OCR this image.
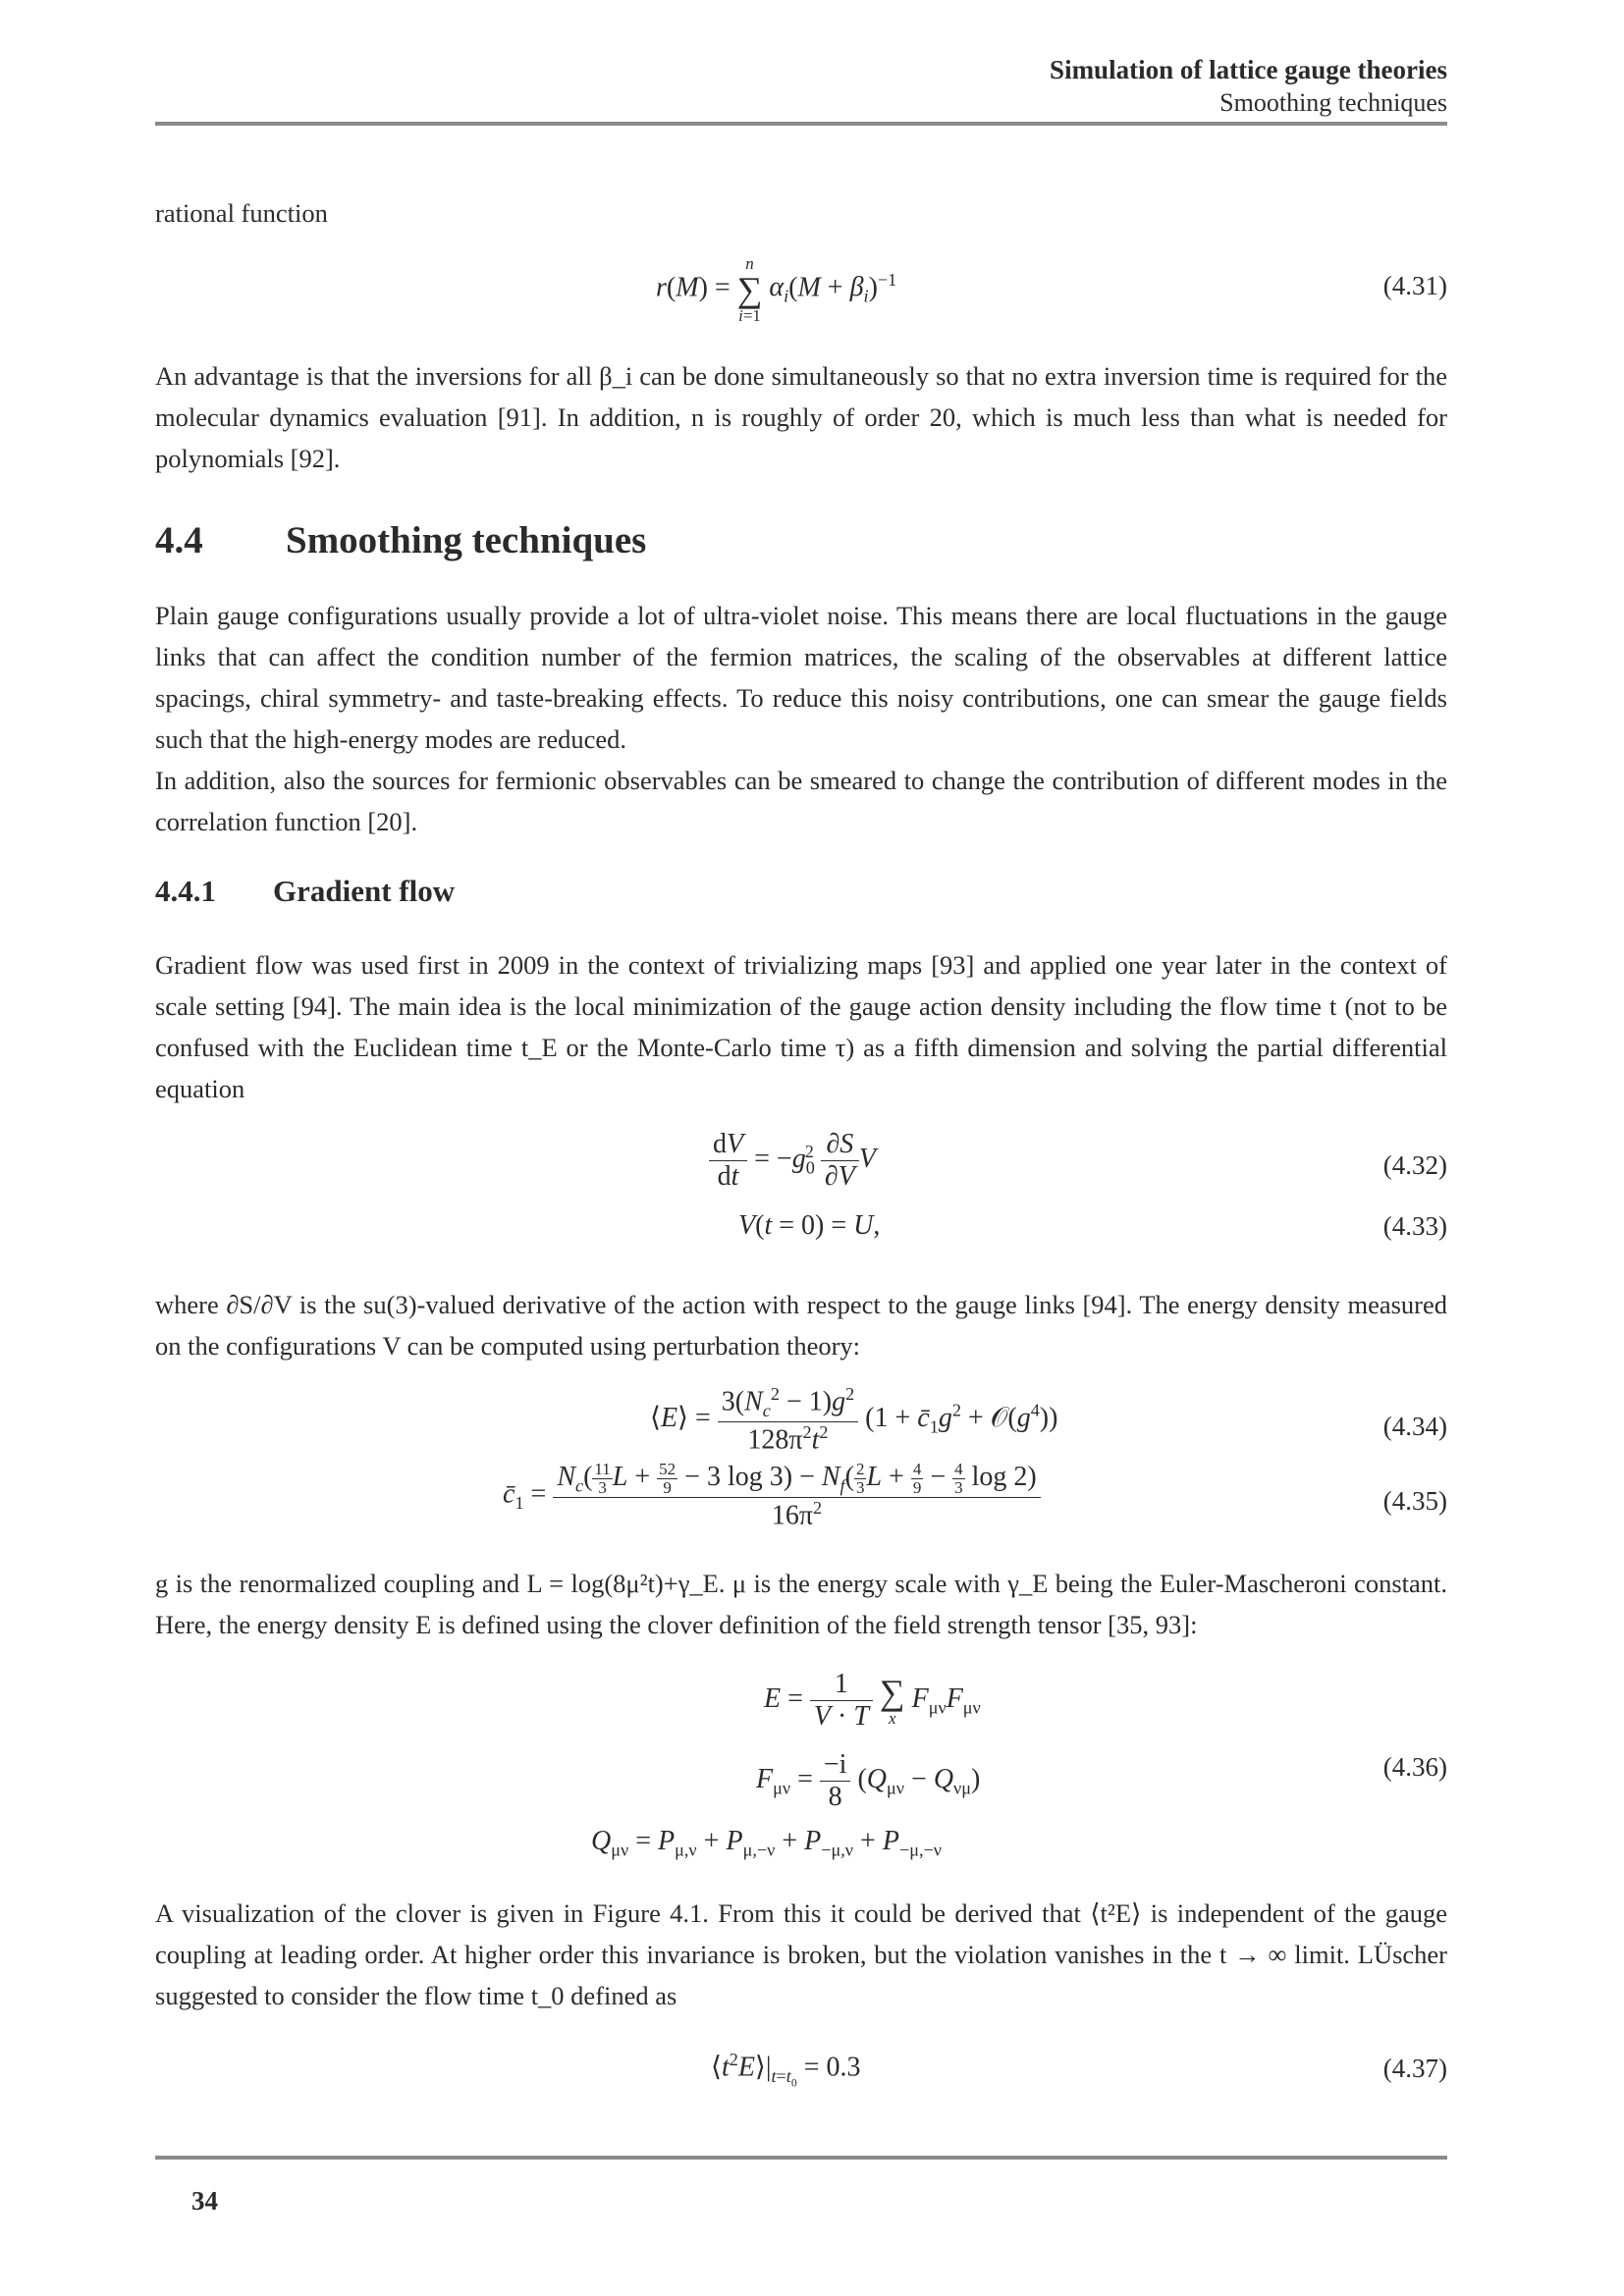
Simulation of lattice gauge theories
Smoothing techniques
rational function
r(M) =
n
∑
i=1
$\alpha_i(M + \beta_i)^{-1}$	(4.31)
An advantage is that the inversions for all β_i can be done simultaneously so that no extra inversion time is required for the molecular dynamics evaluation [91]. In addition, n is roughly of order 20, which is much less than what is needed for polynomials [92].
4.4 Smoothing techniques

Plain gauge configurations usually provide a lot of ultra-violet noise. This means there are local fluctuations in the gauge links that can affect the condition number of the fermion matrices, the scaling of the observables at different lattice spacings, chiral symmetry- and taste-breaking effects. To reduce this noisy contributions, one can smear the gauge fields such that the high-energy modes are reduced.

In addition, also the sources for fermionic observables can be smeared to change the contribution of different modes in the correlation function [20].

4.4.1 Gradient flow
Gradient flow was used first in 2009 in the context of trivializing maps [93] and applied one year later in the context of scale setting [94]. The main idea is the local minimization of the gauge action density including the flow time t (not to be confused with the Euclidean time t_E or the Monte-Carlo time τ) as a fifth dimension and solving the partial differential equation
$\frac{dV}{dt} = -g_0^2 \frac{\partial S}{\partial V}$ V	(4.32)
V(t = 0) = U,	(4.33)
where ∂S/∂V is the su(3)-valued derivative of the action with respect to the gauge links [94]. The energy density measured on the configurations V can be computed using perturbation theory:
⟨E⟩ = $\frac{3(N_c^2 - 1)g^2}{128\pi^2t^2} (1$ + $c̄_1g^2$ + $𝒪(g^4)$)	(4.34)
$c̄_1 = \frac{N_c( \frac{11}{3} L + \frac{52}{9} - 3 \log 3) - N_f( \frac{2}{3} L + \frac{4}{9} - \frac{4}{3} \log 2)}{16\pi^2}$	(4.35)
g is the renormalized coupling and L = log(8μ²t)+γ_E. μ is the energy scale with γ_E being the Euler-Mascheroni constant. Here, the energy density E is defined using the clover definition of the field strength tensor [35, 93]:
$E = \frac{1}{V \cdot T}$
∑
x
$F_{\mu\nu}F_{\mu\nu}$
$F_{\mu\nu} = \frac{-i}{8} (Q_{\mu\nu} - Q_{\nu\mu})$
$Q_{\mu\nu} = P_{\mu,\nu} + P_{\mu,-\nu} + P_{-\mu,\nu} + P_{-\mu,-\nu}$
(4.36)
A visualization of the clover is given in Figure 4.1. From this it could be derived that ⟨t²E⟩ is independent of the gauge coupling at leading order. At higher order this invariance is broken, but the violation vanishes in the t → ∞ limit. LÜscher suggested to consider the flow time t_0 defined as
$⟨t^2E⟩|_{t=t_0} = 0.3$	(4.37)
34
